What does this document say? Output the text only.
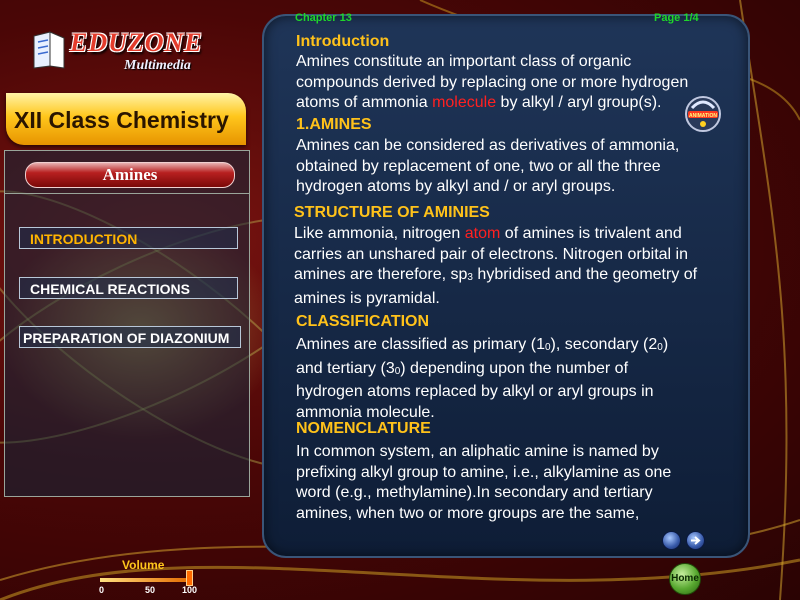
EDUZONE
Multimedia
XII Class Chemistry
Amines
INTRODUCTION
CHEMICAL REACTIONS
PREPARATION OF DIAZONIUM
Chapter 13	Page 1/4
Introduction
Amines constitute an important class of organic compounds derived by replacing one or more hydrogen atoms of ammonia molecule by alkyl / aryl group(s).
ANIMATION
1.AMINES
Amines can be considered as derivatives of ammonia, obtained by replacement of one, two or all the three hydrogen atoms by alkyl and / or aryl groups.
STRUCTURE OF AMINIES
Like ammonia, nitrogen atom of amines is trivalent and carries an unshared pair of electrons. Nitrogen orbital in amines are therefore, sp3 hybridised and the geometry of amines is pyramidal.
CLASSIFICATION
Amines are classified as primary (10), secondary (20) and tertiary (30) depending upon the number of hydrogen atoms replaced by alkyl or aryl groups in ammonia molecule.
NOMENCLATURE
In common system, an aliphatic amine is named by prefixing alkyl group to amine, i.e., alkylamine as one word (e.g., methylamine).In secondary and tertiary amines, when two or more groups are the same,
Volume
0	50	100
Home
